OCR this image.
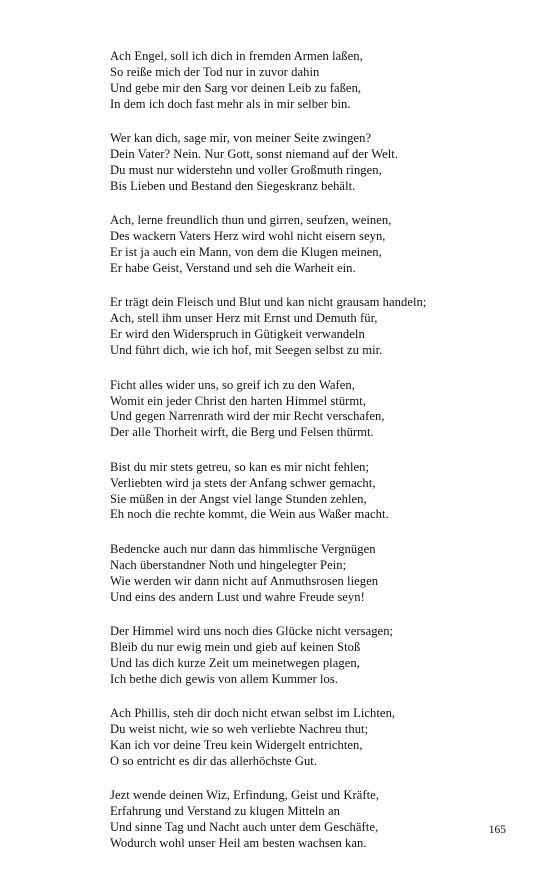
Ach Engel, soll ich dich in fremden Armen laßen,
So reiße mich der Tod nur in zuvor dahin
Und gebe mir den Sarg vor deinen Leib zu faßen,
In dem ich doch fast mehr als in mir selber bin.
Wer kan dich, sage mir, von meiner Seite zwingen?
Dein Vater? Nein. Nur Gott, sonst niemand auf der Welt.
Du must nur widerstehn und voller Großmuth ringen,
Bis Lieben und Bestand den Siegeskranz behält.
Ach, lerne freundlich thun und girren, seufzen, weinen,
Des wackern Vaters Herz wird wohl nicht eisern seyn,
Er ist ja auch ein Mann, von dem die Klugen meinen,
Er habe Geist, Verstand und seh die Warheit ein.
Er trägt dein Fleisch und Blut und kan nicht grausam handeln;
Ach, stell ihm unser Herz mit Ernst und Demuth für,
Er wird den Widerspruch in Gütigkeit verwandeln
Und führt dich, wie ich hof, mit Seegen selbst zu mir.
Ficht alles wider uns, so greif ich zu den Wafen,
Womit ein jeder Christ den harten Himmel stürmt,
Und gegen Narrenrath wird der mir Recht verschafen,
Der alle Thorheit wirft, die Berg und Felsen thürmt.
Bist du mir stets getreu, so kan es mir nicht fehlen;
Verliebten wird ja stets der Anfang schwer gemacht,
Sie müßen in der Angst viel lange Stunden zehlen,
Eh noch die rechte kommt, die Wein aus Waßer macht.
Bedencke auch nur dann das himmlische Vergnügen
Nach überstandner Noth und hingelegter Pein;
Wie werden wir dann nicht auf Anmuthsrosen liegen
Und eins des andern Lust und wahre Freude seyn!
Der Himmel wird uns noch dies Glücke nicht versagen;
Bleib du nur ewig mein und gieb auf keinen Stoß
Und las dich kurze Zeit um meinetwegen plagen,
Ich bethe dich gewis von allem Kummer los.
Ach Phillis, steh dir doch nicht etwan selbst im Lichten,
Du weist nicht, wie so weh verliebte Nachreu thut;
Kan ich vor deine Treu kein Widergelt entrichten,
O so entricht es dir das allerhöchste Gut.
Jezt wende deinen Wiz, Erfindung, Geist und Kräfte,
Erfahrung und Verstand zu klugen Mitteln an
Und sinne Tag und Nacht auch unter dem Geschäfte,
Wodurch wohl unser Heil am besten wachsen kan.
165
